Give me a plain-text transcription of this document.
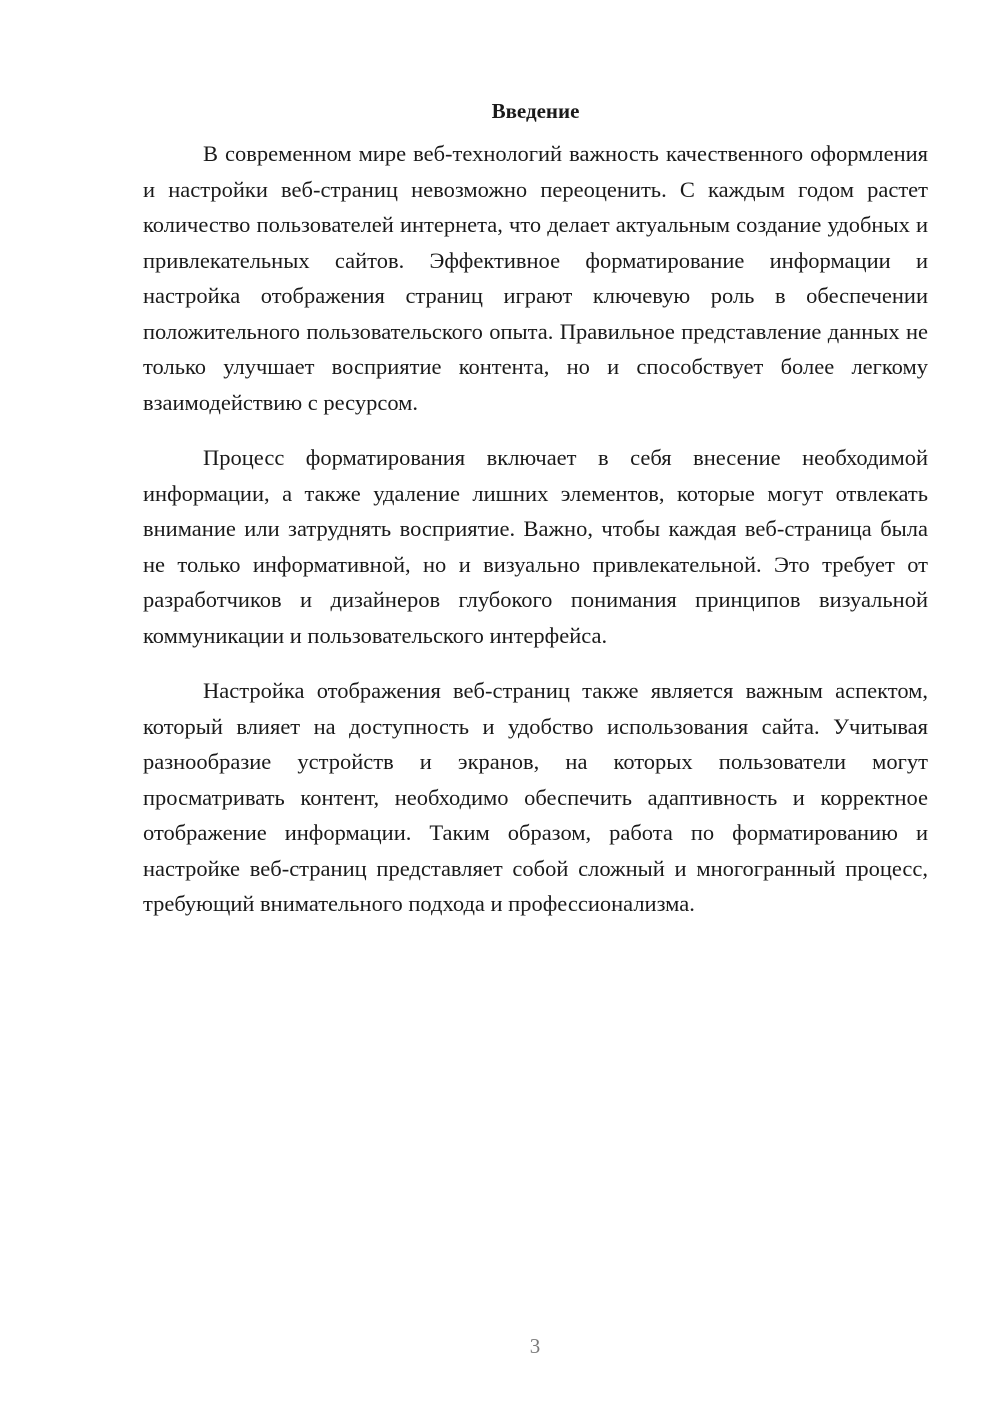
Введение

В современном мире веб-технологий важность качественного оформления и настройки веб-страниц невозможно переоценить. С каждым годом растет количество пользователей интернета, что делает актуальным создание удобных и привлекательных сайтов. Эффективное форматирование информации и настройка отображения страниц играют ключевую роль в обеспечении положительного пользовательского опыта. Правильное представление данных не только улучшает восприятие контента, но и способствует более легкому взаимодействию с ресурсом.

Процесс форматирования включает в себя внесение необходимой информации, а также удаление лишних элементов, которые могут отвлекать внимание или затруднять восприятие. Важно, чтобы каждая веб-страница была не только информативной, но и визуально привлекательной. Это требует от разработчиков и дизайнеров глубокого понимания принципов визуальной коммуникации и пользовательского интерфейса.

Настройка отображения веб-страниц также является важным аспектом, который влияет на доступность и удобство использования сайта. Учитывая разнообразие устройств и экранов, на которых пользователи могут просматривать контент, необходимо обеспечить адаптивность и корректное отображение информации. Таким образом, работа по форматированию и настройке веб-страниц представляет собой сложный и многогранный процесс, требующий внимательного подхода и профессионализма.

3
